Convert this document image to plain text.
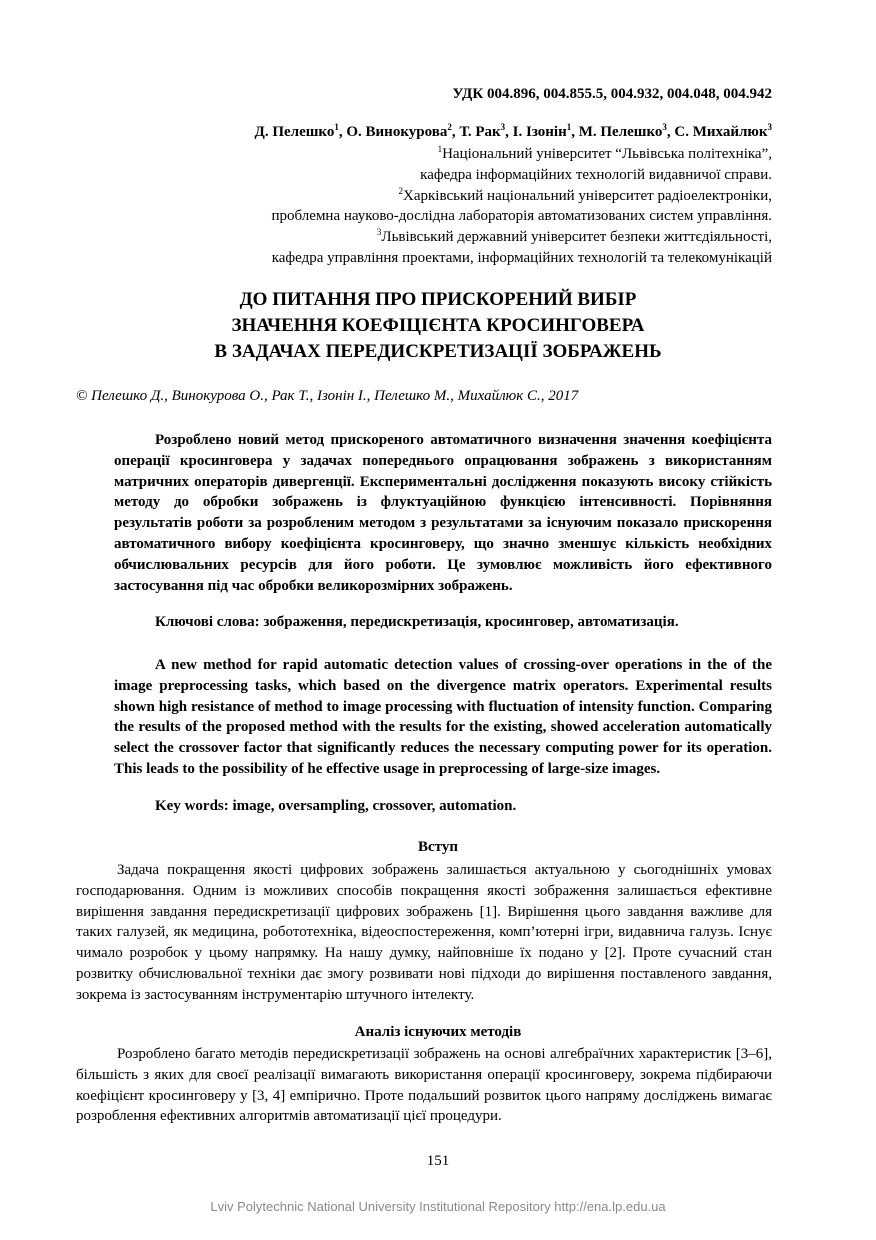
УДК 004.896, 004.855.5, 004.932, 004.048, 004.942
Д. Пелешко$^1$, О. Винокурова$^2$, Т. Рак$^3$, І. Ізонін$^1$, М. Пелешко$^3$, С. Михайлюк$^3$
$^1$Національний університет “Львівська політехніка”,
кафедра інформаційних технологій видавничої справи.
$^2$Харківський національний університет радіоелектроніки,
проблемна науково-дослідна лабораторія автоматизованих систем управління.
$^3$Львівський державний університет безпеки життєдіяльності,
кафедра управління проектами, інформаційних технологій та телекомунікацій
ДО ПИТАННЯ ПРО ПРИСКОРЕНИЙ ВИБІР
ЗНАЧЕННЯ КОЕФІЦІЄНТА КРОСИНГОВЕРА
В ЗАДАЧАХ ПЕРЕДИСКРЕТИЗАЦІЇ ЗОБРАЖЕНЬ
© Пелешко Д., Винокурова О., Рак Т., Ізонін І., Пелешко М., Михайлюк С., 2017

Розроблено новий метод прискореного автоматичного визначення значення коефіцієнта операції кросинговера у задачах попереднього опрацювання зображень з використанням матричних операторів дивергенції. Експериментальні дослідження показують високу стійкість методу до обробки зображень із флуктуаційною функцією інтенсивності. Порівняння результатів роботи за розробленим методом з результатами за існуючим показало прискорення автоматичного вибору коефіцієнта кросинговеру, що значно зменшує кількість необхідних обчислювальних ресурсів для його роботи. Це зумовлює можливість його ефективного застосування під час обробки великорозмірних зображень.

Ключові слова: зображення, передискретизація, кросинговер, автоматизація.

A new method for rapid automatic detection values of crossing-over operations in the of the image preprocessing tasks, which based on the divergence matrix operators. Experimental results shown high resistance of method to image processing with fluctuation of intensity function. Comparing the results of the proposed method with the results for the existing, showed acceleration automatically select the crossover factor that significantly reduces the necessary computing power for its operation. This leads to the possibility of he effective usage in preprocessing of large-size images.

Key words: image, oversampling, crossover, automation.
Вступ

Задача покращення якості цифрових зображень залишається актуальною у сьогоднішніх умовах господарювання. Одним із можливих способів покращення якості зображення залишається ефективне вирішення завдання передискретизації цифрових зображень [1]. Вирішення цього завдання важливе для таких галузей, як медицина, робототехніка, відеоспостереження, комп’ютерні ігри, видавнича галузь. Існує чимало розробок у цьому напрямку. На нашу думку, найповніше їх подано у [2]. Проте сучасний стан розвитку обчислювальної техніки дає змогу розвивати нові підходи до вирішення поставленого завдання, зокрема із застосуванням інструментарію штучного інтелекту.

Аналіз існуючих методів

Розроблено багато методів передискретизації зображень на основі алгебраїчних характеристик [3–6], більшість з яких для своєї реалізації вимагають використання операції кросинговеру, зокрема підбираючи коефіцієнт кросинговеру у [3, 4] емпірично. Проте подальший розвиток цього напряму досліджень вимагає розроблення ефективних алгоритмів автоматизації цієї процедури.

151
Lviv Polytechnic National University Institutional Repository http://ena.lp.edu.ua
